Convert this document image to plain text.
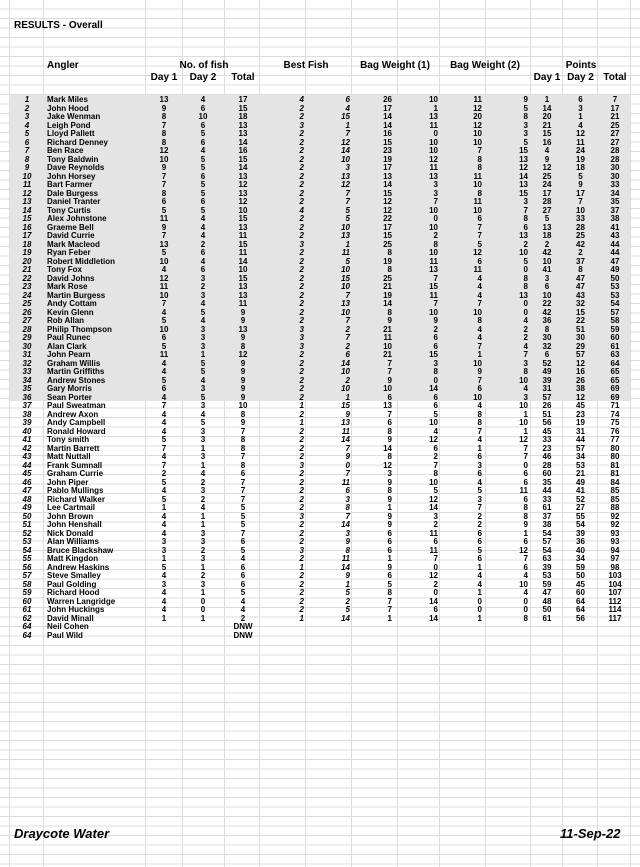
RESULTS - Overall
Angler	No. of fish	Best Fish	Bag Weight (1)	Bag Weight (2)	Points
Day 1	Day 2	Total	Day 1 Day 2 Total
1	Mark Miles	13	4	17	4	6	26	10	11	9	1	6	7
2	John Hood	9	6	15	2	4	17	1	12	5	14	3	17
3	Jake Wenman	8	10	18	2	15	14	13	20	8	20	1	21
4	Leigh Pond	7	6	13	3	1	14	11	12	3	21	4	25
5	Lloyd Pallett	8	5	13	2	7	16	0	10	3	15	12	27
6	Richard Denney	8	6	14	2	12	15	10	10	5	16	11	27
7	Ben Race	12	4	16	2	14	23	10	7	15	4	24	28
8	Tony Baldwin	10	5	15	2	10	19	12	8	13	9	19	28
9	Dave Reynolds	9	5	14	2	3	17	11	8	12	12	18	30
10	John Horsey	7	6	13	2	13	13	13	11	14	25	5	30
11	Bart Farmer	7	5	12	2	12	14	3	10	13	24	9	33
12	Dale Burgess	8	5	13	2	7	15	3	8	15	17	17	34
13	Daniel Tranter	6	6	12	2	7	12	7	11	3	28	7	35
14	Tony Curtis	5	5	10	4	5	12	10	10	7	27	10	37
15	Alex Johnstone	11	4	15	2	5	22	0	6	8	5	33	38
16	Graeme Bell	9	4	13	2	10	17	10	7	6	13	28	41
17	David Currie	7	4	11	2	13	15	2	7	13	18	25	43
18	Mark Macleod	13	2	15	3	1	25	8	5	2	2	42	44
19	Ryan Feber	5	6	11	2	11	8	10	12	10	42	2	44
20	Robert Middletion	10	4	14	2	5	19	11	6	5	10	37	47
21	Tony Fox	4	6	10	2	10	8	13	11	0	41	8	49
22	David Johns	12	3	15	2	15	25	7	4	8	3	47	50
23	Mark Rose	11	2	13	2	10	21	15	4	8	6	47	53
24	Martin Burgess	10	3	13	2	7	19	11	4	13	10	43	53
25	Andy Cottam	7	4	11	2	13	14	7	7	0	22	32	54
26	Kevin Glenn	4	5	9	2	10	8	10	10	0	42	15	57
27	Rob Allan	5	4	9	2	7	9	9	8	4	36	22	58
28	Philip Thompson	10	3	13	3	2	21	2	4	2	8	51	59
29	Paul Runec	6	3	9	3	7	11	6	4	2	30	30	60
30	Alan Clark	5	3	8	3	2	10	6	7	4	32	29	61
31	John Pearn	11	1	12	2	6	21	15	1	7	6	57	63
32	Graham Willis	4	5	9	2	14	7	3	10	3	52	12	64
33	Martin Griffiths	4	5	9	2	10	7	8	9	8	49	16	65
34	Andrew Stones	5	4	9	2	2	9	0	7	10	39	26	65
35	Gary Morris	6	3	9	2	10	10	14	6	4	31	38	69
36	Sean Porter	4	5	9	2	1	6	6	10	3	57	12	69
37	Paul Sweatman	7	3	10	1	15	13	6	4	10	26	45	71
38	Andrew Axon	4	4	8	2	9	7	5	8	1	51	23	74
39	Andy Campbell	4	5	9	1	13	6	10	8	10	56	19	75
40	Ronald Howard	4	3	7	2	11	8	4	7	1	45	31	76
41	Tony smith	5	3	8	2	14	9	12	4	12	33	44	77
42	Martin Barrett	7	1	8	2	7	14	6	1	7	23	57	80
43	Matt Nuttall	4	3	7	2	9	8	2	6	7	46	34	80
44	Frank Sumnall	7	1	8	3	0	12	7	3	0	28	53	81
45	Graham Currie	2	4	6	2	7	3	8	6	6	60	21	81
46	John Piper	5	2	7	2	11	9	10	4	6	35	49	84
47	Pablo Mullings	4	3	7	2	6	8	5	5	11	44	41	85
48	Richard Walker	5	2	7	2	3	9	12	3	6	33	52	85
49	Lee Cartmail	1	4	5	2	8	1	14	7	8	61	27	88
50	John Brown	4	1	5	3	7	9	3	2	8	37	55	92
51	John Henshall	4	1	5	2	14	9	2	2	9	38	54	92
52	Nick Donald	4	3	7	2	3	6	11	6	1	54	39	93
53	Alan Williams	3	3	6	2	9	6	6	6	6	57	36	93
54	Bruce Blackshaw	3	2	5	3	8	6	11	5	12	54	40	94
55	Matt Kingdon	1	3	4	2	11	1	7	6	7	63	34	97
56	Andrew Haskins	5	1	6	1	14	9	0	1	6	39	59	98
57	Steve Smalley	4	2	6	2	9	6	12	4	4	53	50	103
58	Paul Golding	3	3	6	2	1	5	2	4	10	59	45	104
59	Richard Hood	4	1	5	2	5	8	0	1	4	47	60	107
60	Warren Langridge	4	0	4	2	2	7	14	0	0	48	64	112
61	John Huckings	4	0	4	2	5	7	6	0	0	50	64	114
62	David Minall	1	1	2	1	14	1	14	1	8	61	56	117
64	Neil Cohen	DNW
64	Paul Wild	DNW
Draycote Water	11-Sep-22
